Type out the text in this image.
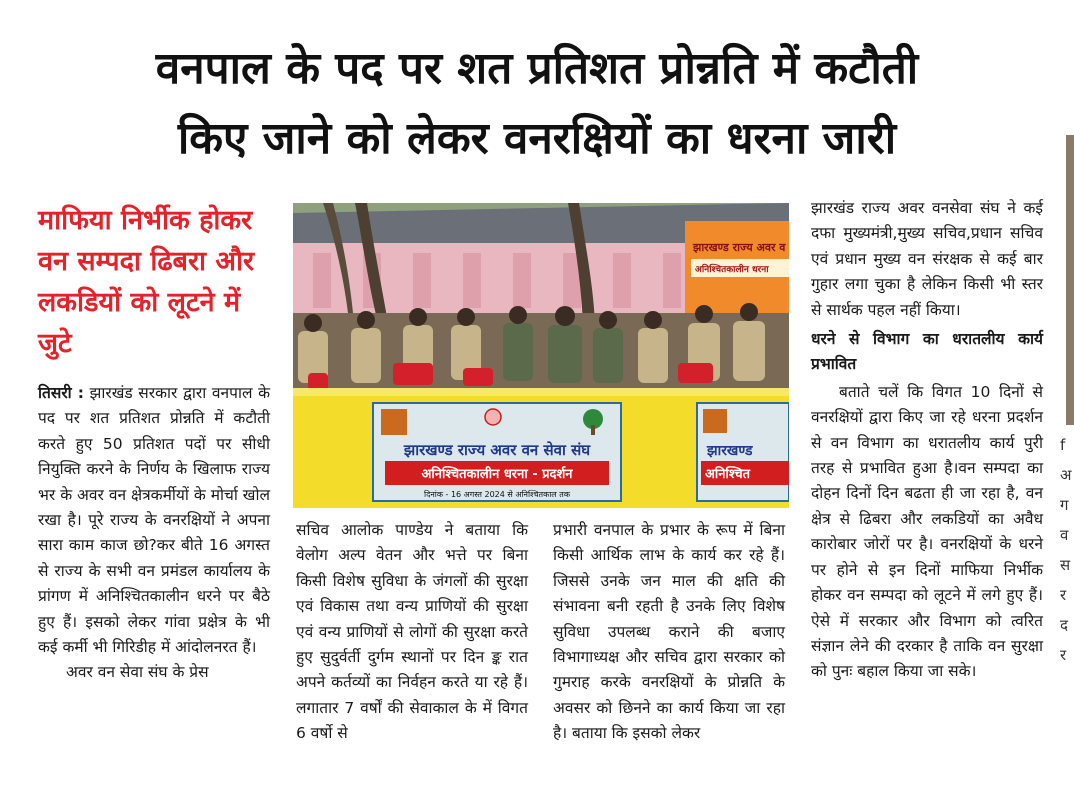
वनपाल के पद पर शत प्रतिशत प्रोन्नति में कटौती
किए जाने को लेकर वनरक्षियों का धरना जारी
माफिया निर्भीक होकर वन सम्पदा ढिबरा और लकडियों को लूटने में जुटे
झारखण्ड राज्य अवर व
अनिश्चितकालीन धरना
झारखण्ड राज्य अवर वन सेवा संघ
अनिश्चितकालीन धरना - प्रदर्शन
दिनांक - 16 अगस्त 2024 से अनिश्चितकाल तक
झारखण्ड
अनिश्चित

तिसरी : झारखंड सरकार द्वारा वनपाल के पद पर शत प्रतिशत प्रोन्नति में कटौती करते हुए 50 प्रतिशत पदों पर सीधी नियुक्ति करने के निर्णय के खिलाफ राज्य भर के अवर वन क्षेत्रकर्मीयों के मोर्चा खोल रखा है। पूरे राज्य के वनरक्षियों ने अपना सारा काम काज छो?कर बीते 16 अगस्त से राज्य के सभी वन प्रमंडल कार्यालय के प्रांगण में अनिश्चितकालीन धरने पर बैठे हुए हैं। इसको लेकर गांवा प्रक्षेत्र के भी कई कर्मी भी गिरिडीह में आंदोलनरत हैं।

अवर वन सेवा संघ के प्रेस

सचिव आलोक पाण्डेय ने बताया कि वेलोग अल्प वेतन और भत्ते पर बिना किसी विशेष सुविधा के जंगलों की सुरक्षा एवं विकास तथा वन्य प्राणियों की सुरक्षा एवं वन्य प्राणियों से लोगों की सुरक्षा करते हुए सुदुर्वर्ती दुर्गम स्थानों पर दिन ङ्क रात अपने कर्तव्यों का निर्वहन करते या रहे हैं। लगातार 7 वर्षों की सेवाकाल के में विगत 6 वर्षो से

प्रभारी वनपाल के प्रभार के रूप में बिना किसी आर्थिक लाभ के कार्य कर रहे हैं। जिससे उनके जन माल की क्षति की संभावना बनी रहती है उनके लिए विशेष सुविधा उपलब्ध कराने की बजाए विभागाध्यक्ष और सचिव द्वारा सरकार को गुमराह करके वनरक्षियों के प्रोन्नति के अवसर को छिनने का कार्य किया जा रहा है। बताया कि इसको लेकर

झारखंड राज्य अवर वनसेवा संघ ने कई दफा मुख्यमंत्री,मुख्य सचिव,प्रधान सचिव एवं प्रधान मुख्य वन संरक्षक से कई बार गुहार लगा चुका है लेकिन किसी भी स्तर से सार्थक पहल नहीं किया।

धरने से विभाग का धरातलीय कार्य प्रभावित

बताते चलें कि विगत 10 दिनों से वनरक्षियों द्वारा किए जा रहे धरना प्रदर्शन से वन विभाग का धरातलीय कार्य पुरी तरह से प्रभावित हुआ है।वन सम्पदा का दोहन दिनों दिन बढता ही जा रहा है, वन क्षेत्र से ढिबरा और लकडियों का अवैध कारोबार जोरों पर है। वनरक्षियों के धरने पर होने से इन दिनों माफिया निर्भीक होकर वन सम्पदा को लूटने में लगे हुए हैं। ऐसे में सरकार और विभाग को त्वरित संज्ञान लेने की दरकार है ताकि वन सुरक्षा को पुनः बहाल किया जा सके।

f अ ग व स र द र
